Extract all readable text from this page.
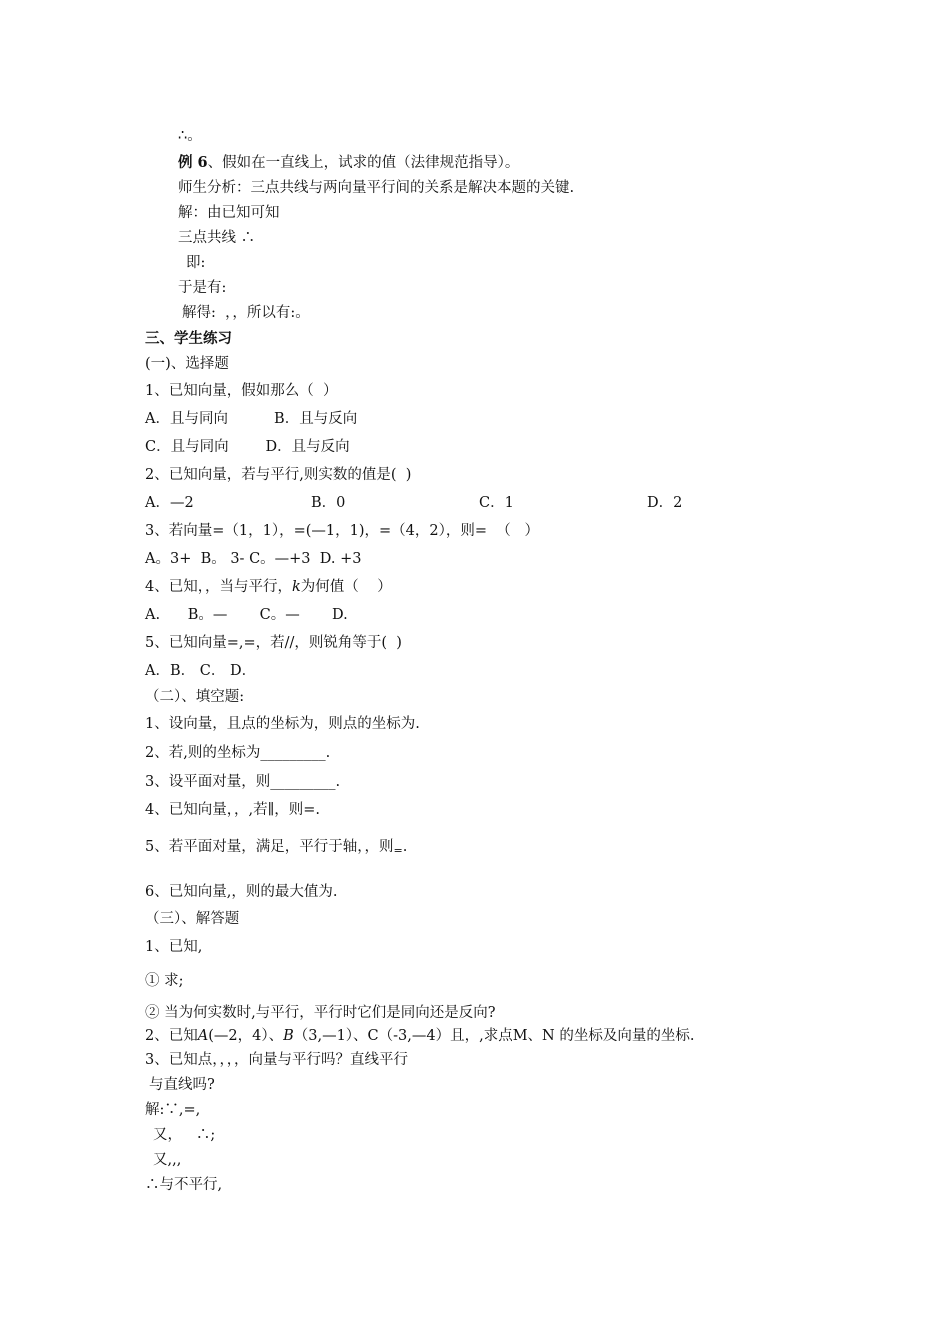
∴。
例 6、假如在一直线上，试求的值（法律规范指导）。
师生分析：三点共线与两向量平行间的关系是解决本题的关键.
解：由已知可知
三点共线 ∴
即:
于是有:
解得:  ，，所以有:。
三、学生练习
(一)、选择题
1、已知向量，假如那么（  ）
A．且与同向          B．且与反向
C．且与同向        D．且与反向
2、已知向量，若与平行,则实数的值是(  )
A．—2	B．0	C．1	D．2
3、若向量=（1，1），=(—1，1)，=（4，2），则=  （   ）
A。3+  B。 3- C。—+3  D. +3
4、已知，，当与平行，k为何值（    ）
A.      B。—       C。—       D.
5、已知向量=,=，若//，则锐角等于(  )
A．B． C． D．
（二）、填空题:
1、设向量，且点的坐标为，则点的坐标为.
2、若,则的坐标为_________.
3、设平面对量，则_________.
4、已知向量，，,若∥，则=.
5、若平面对量，满足，平行于轴，，则$_=$.
6、已知向量,，则的最大值为.
（三）、解答题
1、已知,
① 求;
② 当为何实数时,与平行，平行时它们是同向还是反向?
2、已知A(—2，4）、B（3,—1）、C（-3,—4）且，,求点M、N 的坐标及向量的坐标.
3、已知点，，，，向量与平行吗？直线平行
与直线吗?
解:∵,=,
又，   ∴;
又,,,
∴与不平行,
